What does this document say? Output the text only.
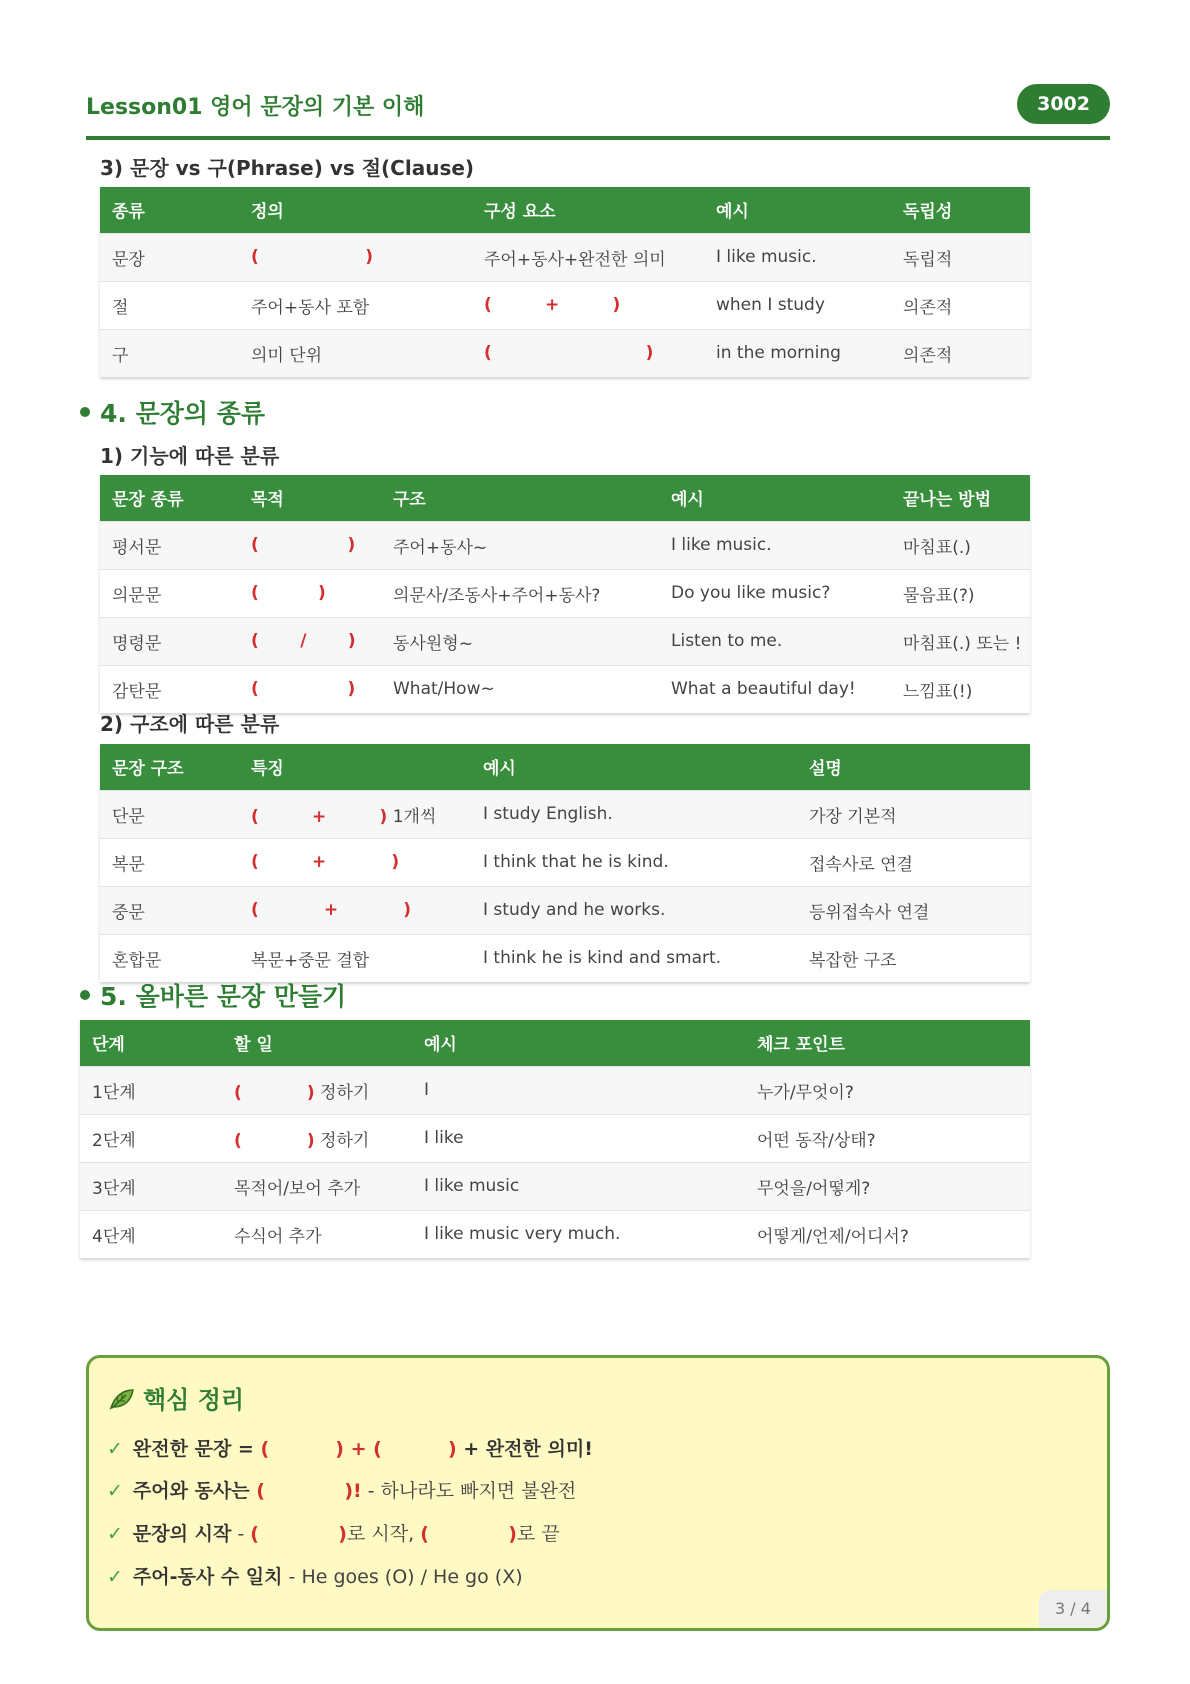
Lesson01 영어 문장의 기본 이해	3002
3) 문장 vs 구(Phrase) vs 절(Clause)
종류	정의	구성 요소	예시	독립성
문장	(                  )	주어+동사+완전한 의미	I like music.	독립적
절	주어+동사 포함	(         +         )	when I study	의존적
구	의미 단위	(                          )	in the morning	의존적
4. 문장의 종류
1) 기능에 따른 분류
문장 종류	목적	구조	예시	끝나는 방법
평서문	(               )	주어+동사~	I like music.	마침표(.)
의문문	(          )	의문사/조동사+주어+동사?	Do you like music?	물음표(?)
명령문	(       /       )	동사원형~	Listen to me.	마침표(.) 또는 !
감탄문	(               )	What/How~	What a beautiful day!	느낌표(!)
2) 구조에 따른 분류
문장 구조	특징	예시	설명
단문	(         +         ) 1개씩	I study English.	가장 기본적
복문	(         +           )	I think that he is kind.	접속사로 연결
중문	(           +           )	I study and he works.	등위접속사 연결
혼합문	복문+중문 결합	I think he is kind and smart.	복잡한 구조
5. 올바른 문장 만들기
단계	할 일	예시	체크 포인트
1단계	(           ) 정하기	I	누가/무엇이?
2단계	(           ) 정하기	I like	어떤 동작/상태?
3단계	목적어/보어 추가	I like music	무엇을/어떻게?
4단계	수식어 추가	I like music very much.	어떻게/언제/어디서?
핵심 정리
✓ 완전한 문장 = (          ) + (          ) + 완전한 의미!
✓ 주어와 동사는 (            )! - 하나라도 빠지면 불완전
✓ 문장의 시작 - (            )로 시작, (            )로 끝
✓ 주어-동사 수 일치 - He goes (O) / He go (X)
3 / 4
